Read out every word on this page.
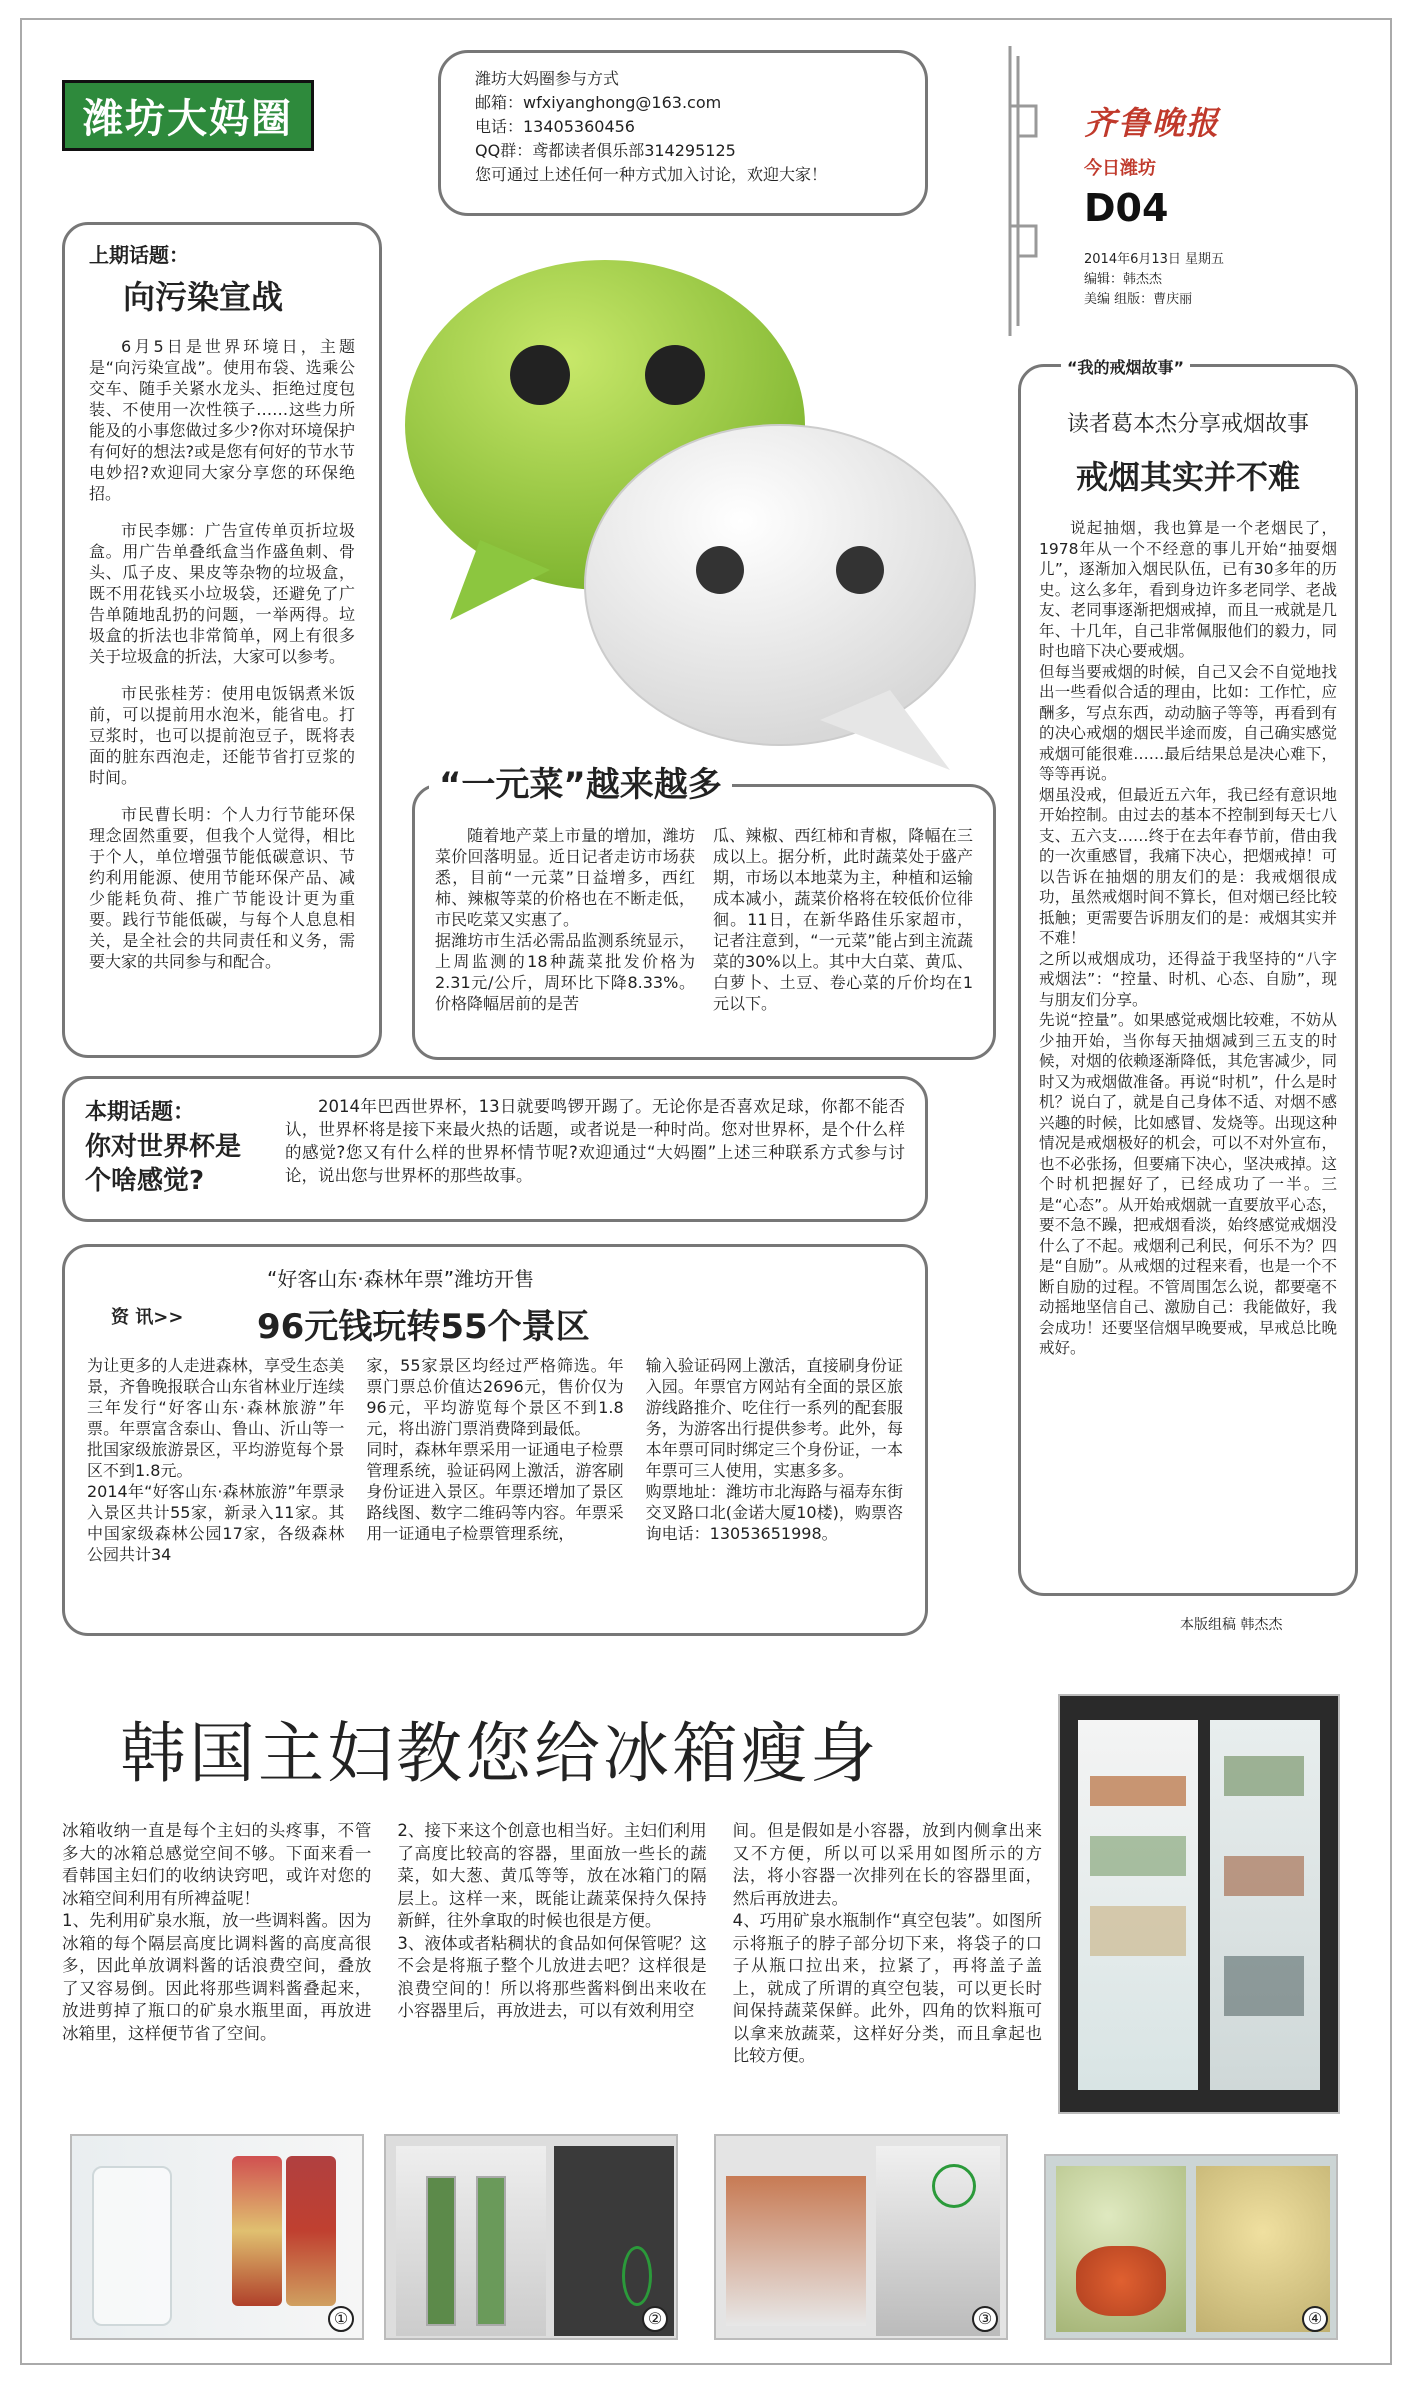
潍坊大妈圈
潍坊大妈圈参与方式
邮箱：wfxiyanghong@163.com
电话：13405360456
QQ群：鸢都读者俱乐部314295125
您可通过上述任何一种方式加入讨论，欢迎大家！
齐鲁晚报
今日潍坊
D04
2014年6月13日 星期五
编辑：韩杰杰
美编 组版：曹庆丽
上期话题：
向污染宣战

6月5日是世界环境日，主题是“向污染宣战”。使用布袋、选乘公交车、随手关紧水龙头、拒绝过度包装、不使用一次性筷子……这些力所能及的小事您做过多少?你对环境保护有何好的想法?或是您有何好的节水节电妙招?欢迎同大家分享您的环保绝招。

市民李娜：广告宣传单页折垃圾盒。用广告单叠纸盒当作盛鱼刺、骨头、瓜子皮、果皮等杂物的垃圾盒，既不用花钱买小垃圾袋，还避免了广告单随地乱扔的问题，一举两得。垃圾盒的折法也非常简单，网上有很多关于垃圾盒的折法，大家可以参考。

市民张桂芳：使用电饭锅煮米饭前，可以提前用水泡米，能省电。打豆浆时，也可以提前泡豆子，既将表面的脏东西泡走，还能节省打豆浆的时间。

市民曹长明：个人力行节能环保理念固然重要，但我个人觉得，相比于个人，单位增强节能低碳意识、节约利用能源、使用节能环保产品、减少能耗负荷、推广节能设计更为重要。践行节能低碳，与每个人息息相关，是全社会的共同责任和义务，需要大家的共同参与和配合。

“一元菜”越来越多
随着地产菜上市量的增加，潍坊菜价回落明显。近日记者走访市场获悉，目前“一元菜”日益增多，西红柿、辣椒等菜的价格也在不断走低，市民吃菜又实惠了。
据潍坊市生活必需品监测系统显示，上周监测的18种蔬菜批发价格为2.31元/公斤，周环比下降8.33%。价格降幅居前的是苦
瓜、辣椒、西红柿和青椒，降幅在三成以上。据分析，此时蔬菜处于盛产期，市场以本地菜为主，种植和运输成本减小，蔬菜价格将在较低价位徘徊。11日，在新华路佳乐家超市，记者注意到，“一元菜”能占到主流蔬菜的30%以上。其中大白菜、黄瓜、白萝卜、土豆、卷心菜的斤价均在1元以下。
本期话题：
你对世界杯是个啥感觉?
2014年巴西世界杯，13日就要鸣锣开踢了。无论你是否喜欢足球，你都不能否认，世界杯将是接下来最火热的话题，或者说是一种时尚。您对世界杯，是个什么样的感觉?您又有什么样的世界杯情节呢?欢迎通过“大妈圈”上述三种联系方式参与讨论，说出您与世界杯的那些故事。
资 讯>>
“好客山东·森林年票”潍坊开售
96元钱玩转55个景区
为让更多的人走进森林，享受生态美景，齐鲁晚报联合山东省林业厅连续三年发行“好客山东·森林旅游”年票。年票富含泰山、鲁山、沂山等一批国家级旅游景区，平均游览每个景区不到1.8元。
2014年“好客山东·森林旅游”年票录入景区共计55家，新录入11家。其中国家级森林公园17家，各级森林公园共计34
家，55家景区均经过严格筛选。年票门票总价值达2696元，售价仅为96元，平均游览每个景区不到1.8元，将出游门票消费降到最低。
同时，森林年票采用一证通电子检票管理系统，验证码网上激活，游客刷身份证进入景区。年票还增加了景区路线图、数字二维码等内容。年票采用一证通电子检票管理系统，
输入验证码网上激活，直接刷身份证入园。年票官方网站有全面的景区旅游线路推介、吃住行一系列的配套服务，为游客出行提供参考。此外，每本年票可同时绑定三个身份证，一本年票可三人使用，实惠多多。
购票地址：潍坊市北海路与福寿东街交叉路口北(金诺大厦10楼)，购票咨询电话：13053651998。
“我的戒烟故事”
读者葛本杰分享戒烟故事
戒烟其实并不难
说起抽烟，我也算是一个老烟民了，1978年从一个不经意的事儿开始“抽耍烟儿”，逐渐加入烟民队伍，已有30多年的历史。这么多年，看到身边许多老同学、老战友、老同事逐渐把烟戒掉，而且一戒就是几年、十几年，自己非常佩服他们的毅力，同时也暗下决心要戒烟。
但每当要戒烟的时候，自己又会不自觉地找出一些看似合适的理由，比如：工作忙，应酬多，写点东西，动动脑子等等，再看到有的决心戒烟的烟民半途而废，自己确实感觉戒烟可能很难……最后结果总是决心难下，等等再说。
烟虽没戒，但最近五六年，我已经有意识地开始控制。由过去的基本不控制到每天七八支、五六支……终于在去年春节前，借由我的一次重感冒，我痛下决心，把烟戒掉！可以告诉在抽烟的朋友们的是：我戒烟很成功，虽然戒烟时间不算长，但对烟已经比较抵触；更需要告诉朋友们的是：戒烟其实并不难！
之所以戒烟成功，还得益于我坚持的“八字戒烟法”：“控量、时机、心态、自励”，现与朋友们分享。
先说“控量”。如果感觉戒烟比较难，不妨从少抽开始，当你每天抽烟减到三五支的时候，对烟的依赖逐渐降低，其危害减少，同时又为戒烟做准备。再说“时机”，什么是时机？说白了，就是自己身体不适、对烟不感兴趣的时候，比如感冒、发烧等。出现这种情况是戒烟极好的机会，可以不对外宣布，也不必张扬，但要痛下决心，坚决戒掉。这个时机把握好了，已经成功了一半。三是“心态”。从开始戒烟就一直要放平心态，要不急不躁，把戒烟看淡，始终感觉戒烟没什么了不起。戒烟利己利民，何乐不为？四是“自励”。从戒烟的过程来看，也是一个不断自励的过程。不管周围怎么说，都要毫不动摇地坚信自己、激励自己：我能做好，我会成功！还要坚信烟早晚要戒，早戒总比晚戒好。
本版组稿 韩杰杰
韩国主妇教您给冰箱瘦身
冰箱收纳一直是每个主妇的头疼事，不管多大的冰箱总感觉空间不够。下面来看一看韩国主妇们的收纳诀窍吧，或许对您的冰箱空间利用有所裨益呢！
1、先利用矿泉水瓶，放一些调料酱。因为冰箱的每个隔层高度比调料酱的高度高很多，因此单放调料酱的话浪费空间，叠放了又容易倒。因此将那些调料酱叠起来，放进剪掉了瓶口的矿泉水瓶里面，再放进冰箱里，这样便节省了空间。
2、接下来这个创意也相当好。主妇们利用了高度比较高的容器，里面放一些长的蔬菜，如大葱、黄瓜等等，放在冰箱门的隔层上。这样一来，既能让蔬菜保持久保持新鲜，往外拿取的时候也很是方便。
3、液体或者粘稠状的食品如何保管呢？这不会是将瓶子整个儿放进去吧？这样很是浪费空间的！所以将那些酱料倒出来收在小容器里后，再放进去，可以有效利用空
间。但是假如是小容器，放到内侧拿出来又不方便，所以可以采用如图所示的方法，将小容器一次排列在长的容器里面，然后再放进去。
4、巧用矿泉水瓶制作“真空包装”。如图所示将瓶子的脖子部分切下来，将袋子的口子从瓶口拉出来，拉紧了，再将盖子盖上，就成了所谓的真空包装，可以更长时间保持蔬菜保鲜。此外，四角的饮料瓶可以拿来放蔬菜，这样好分类，而且拿起也比较方便。
①	②	③	④
